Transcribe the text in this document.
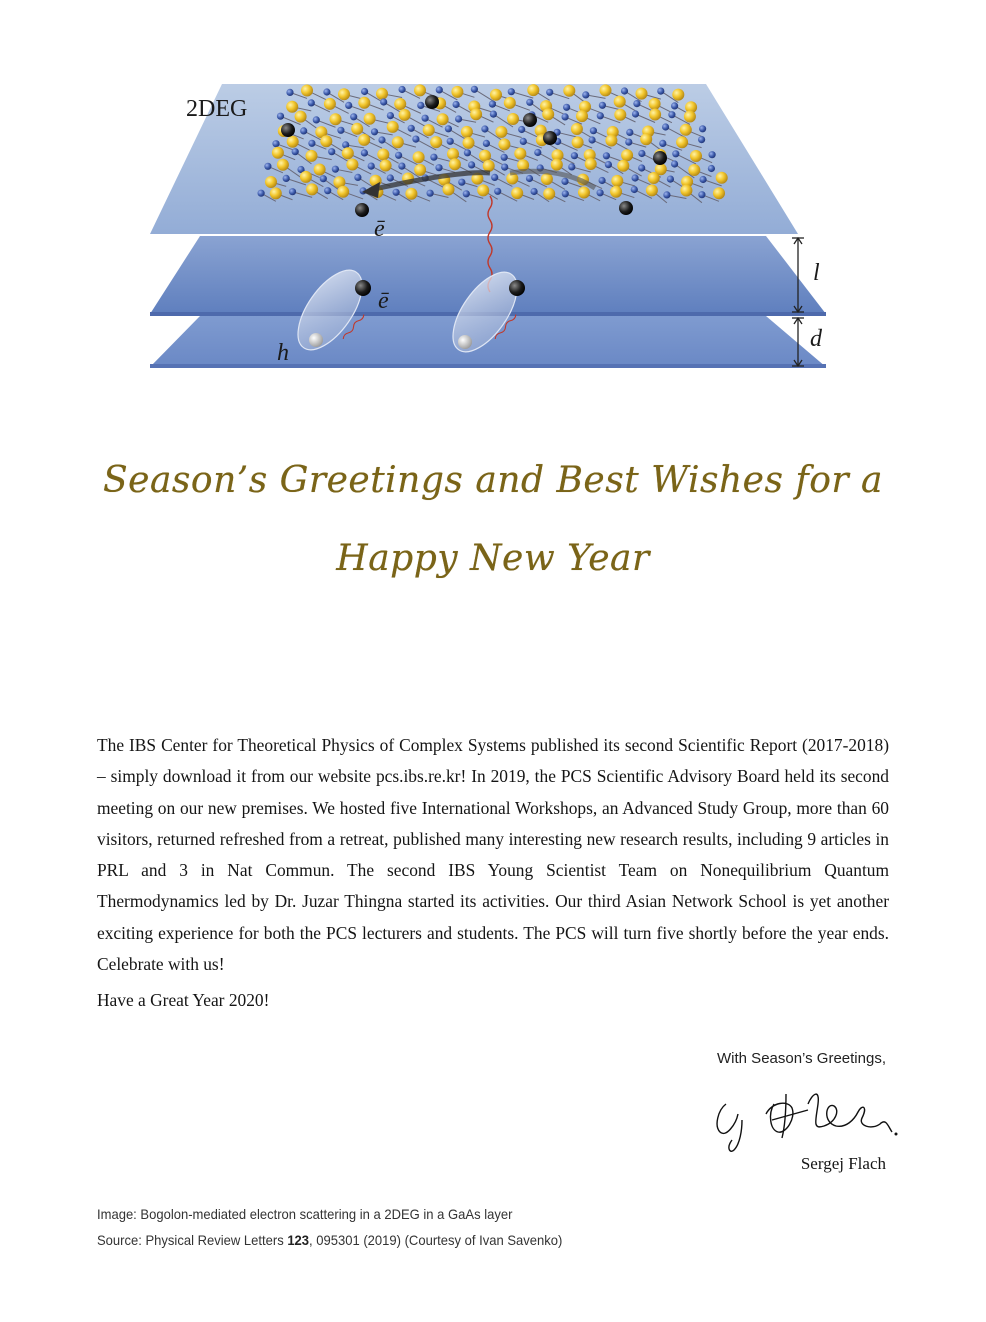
2DEG
ē
ē
h
l
d
Season’s Greetings and Best Wishes for a
Happy New Year

The IBS Center for Theoretical Physics of Complex Systems published its second Scientific Report (2017-2018) – simply download it from our website pcs.ibs.re.kr! In 2019, the PCS Scientific Advisory Board held its second meeting on our new premises. We hosted five International Workshops, an Advanced Study Group, more than 60 visitors, returned refreshed from a retreat, published many interesting new research results, including 9 articles in PRL and 3 in Nat Commun. The second IBS Young Scientist Team on Nonequilibrium Quantum Thermodynamics led by Dr. Juzar Thingna started its activities. Our third Asian Network School is yet another exciting experience for both the PCS lecturers and students. The PCS will turn five shortly before the year ends. Celebrate with us!

Have a Great Year 2020!

With Season’s Greetings,
Sergej Flach
Image: Bogolon-mediated electron scattering in a 2DEG in a GaAs layer
Source: Physical Review Letters 123, 095301 (2019) (Courtesy of Ivan Savenko)
